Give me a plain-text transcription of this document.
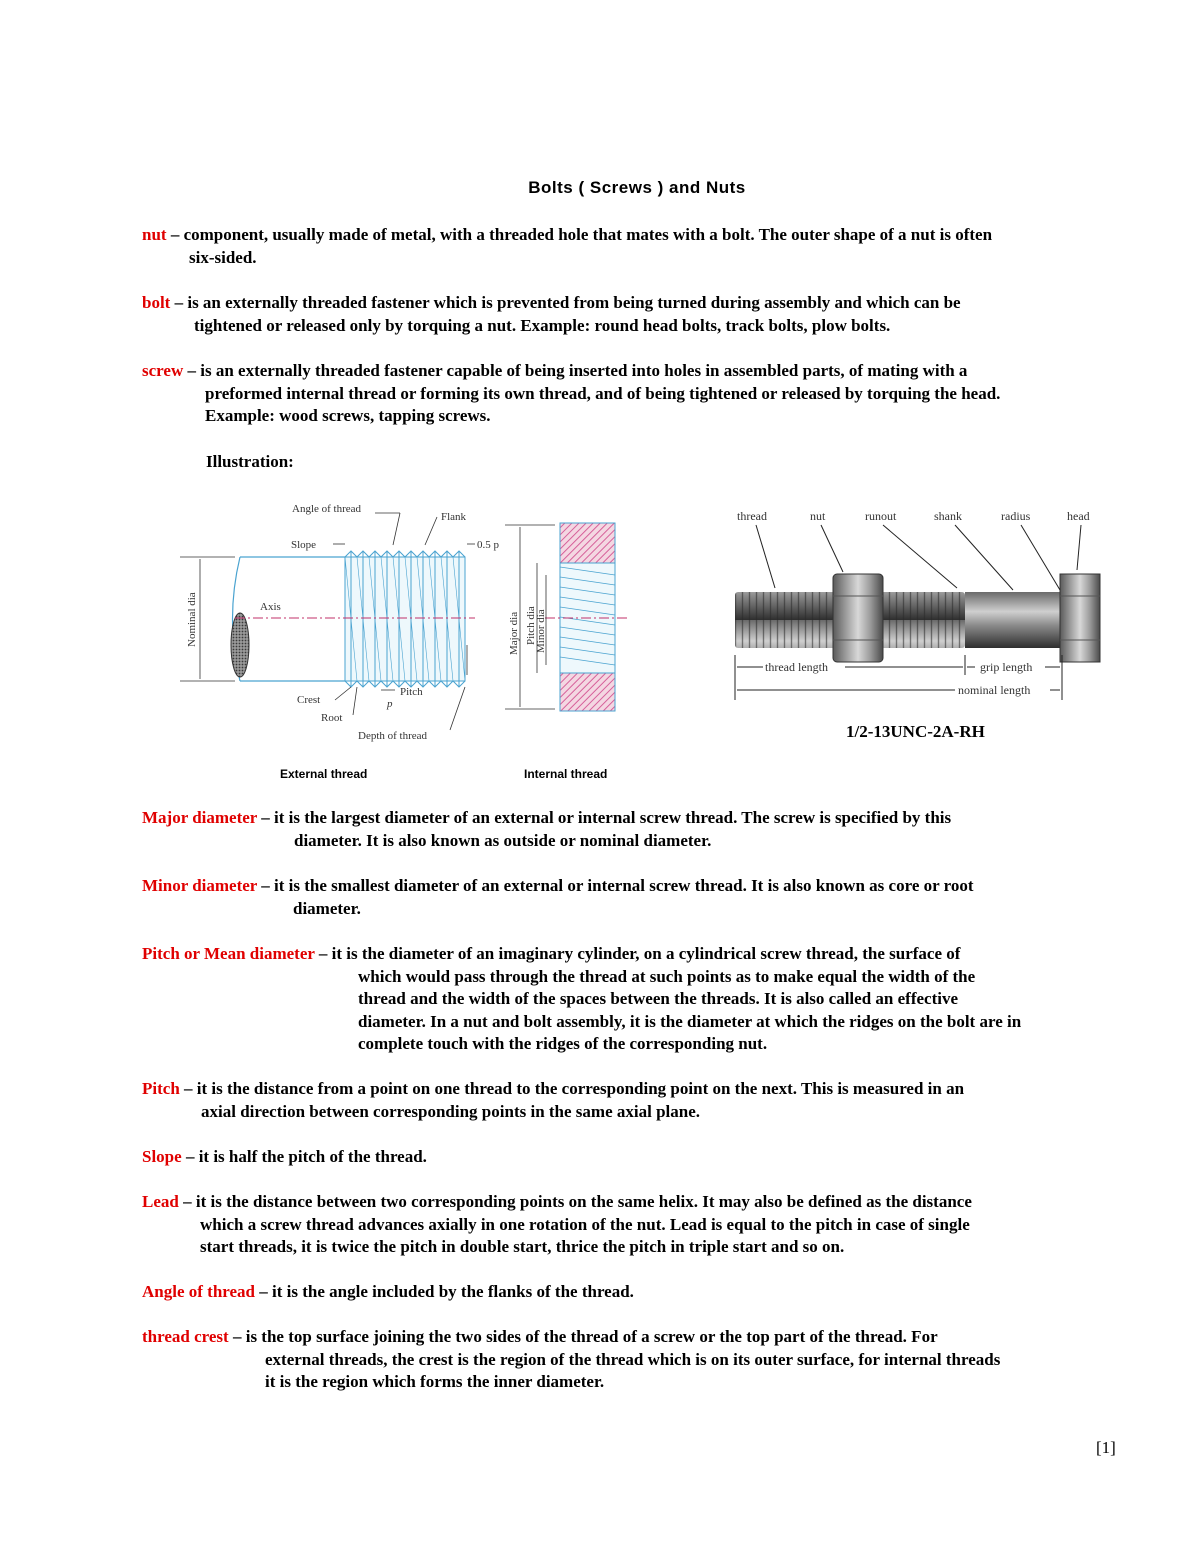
Bolts ( Screws ) and Nuts
nut – component, usually made of metal, with a threaded hole that mates with a bolt. The outer shape of a nut is often
six-sided.
bolt – is an externally threaded fastener which is prevented from being turned during assembly and which can be
tightened or released only by torquing a nut. Example: round head bolts, track bolts, plow bolts.
screw – is an externally threaded fastener capable of being inserted into holes in assembled parts, of mating with a
preformed internal thread or forming its own thread, and of being tightened or released by torquing the head.
Example: wood screws, tapping screws.
Illustration:
Angle of thread
Flank
Slope	0.5 p
Axis
Crest
Root
Pitch
p
Depth of thread
Nominal dia	Major dia Pitch dia
Minor dia
External thread	Internal thread
thread	nut	runout	shank	radius	head
thread length	grip length
nominal length
1/2-13UNC-2A-RH
Major diameter – it is the largest diameter of an external or internal screw thread. The screw is specified by this
diameter. It is also known as outside or nominal diameter.
Minor diameter – it is the smallest diameter of an external or internal screw thread. It is also known as core or root
diameter.
Pitch or Mean diameter – it is the diameter of an imaginary cylinder, on a cylindrical screw thread, the surface of
which would pass through the thread at such points as to make equal the width of the
thread and the width of the spaces between the threads. It is also called an effective
diameter. In a nut and bolt assembly, it is the diameter at which the ridges on the bolt are in
complete touch with the ridges of the corresponding nut.
Pitch – it is the distance from a point on one thread to the corresponding point on the next. This is measured in an
axial direction between corresponding points in the same axial plane.
Slope – it is half the pitch of the thread.
Lead – it is the distance between two corresponding points on the same helix. It may also be defined as the distance
which a screw thread advances axially in one rotation of the nut. Lead is equal to the pitch in case of single
start threads, it is twice the pitch in double start, thrice the pitch in triple start and so on.
Angle of thread – it is the angle included by the flanks of the thread.
thread crest – is the top surface joining the two sides of the thread of a screw or the top part of the thread. For
external threads, the crest is the region of the thread which is on its outer surface, for internal threads
it is the region which forms the inner diameter.
[1]
